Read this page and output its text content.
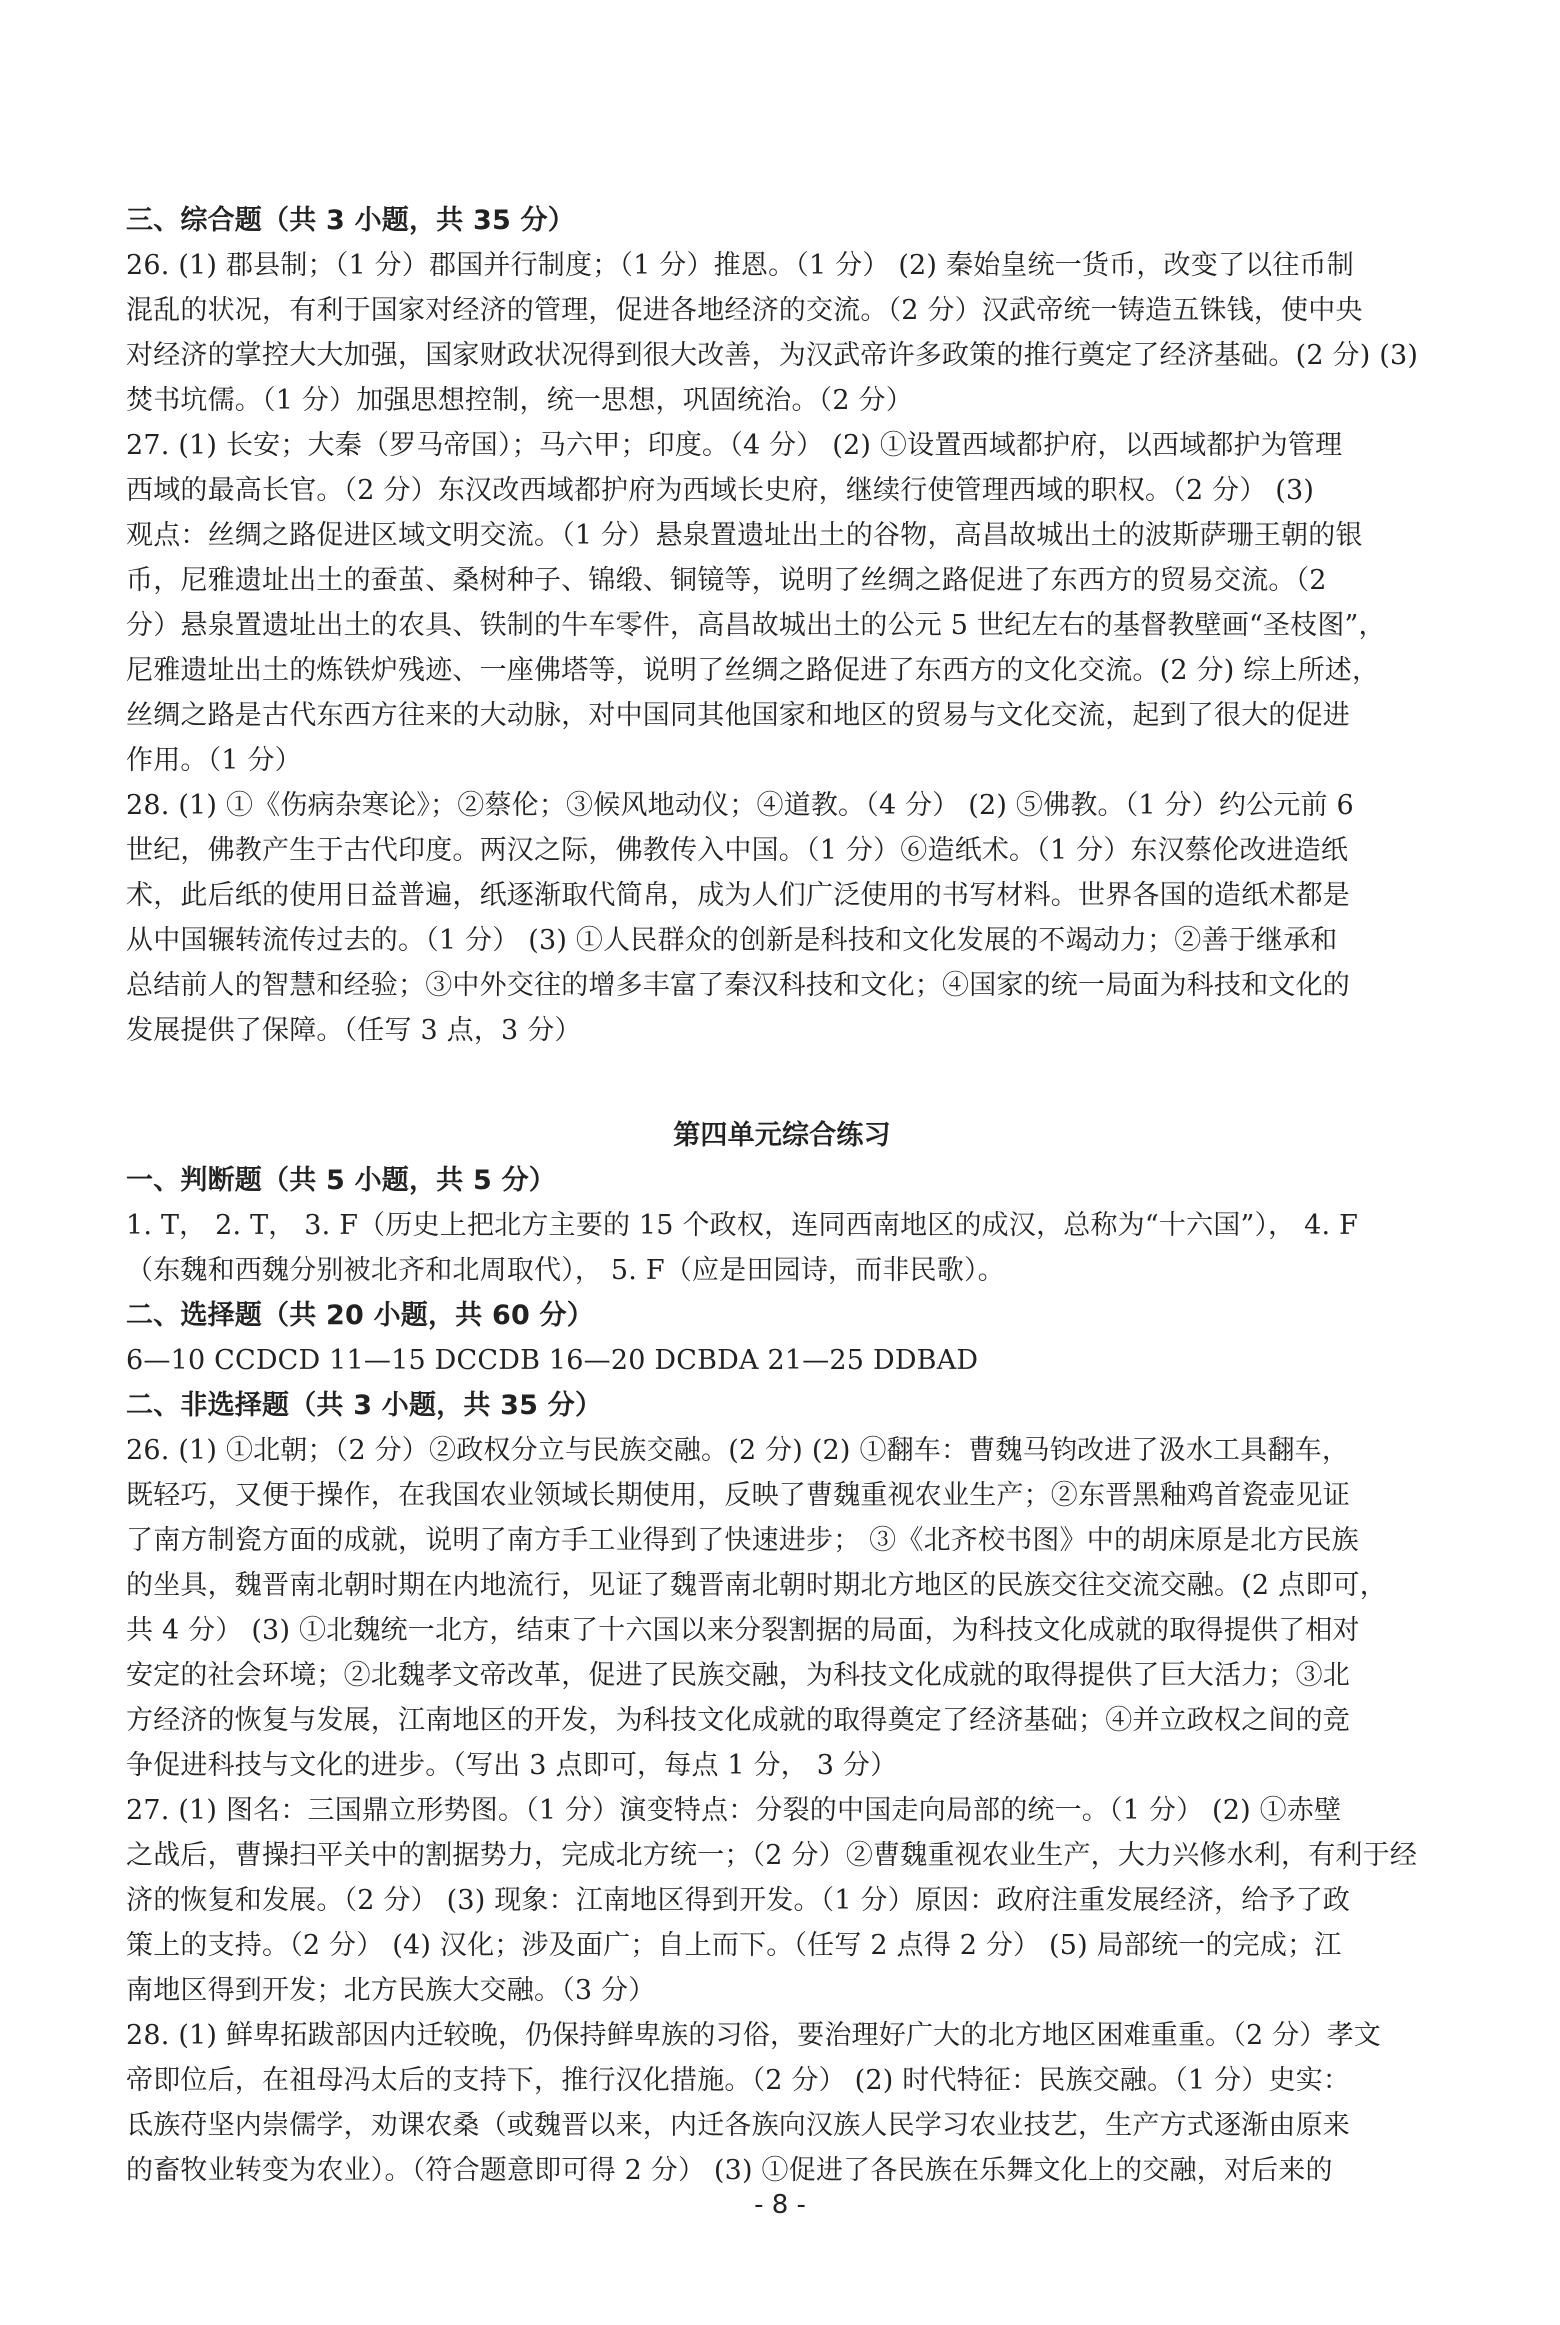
三、综合题（共 3 小题，共 35 分）
26. (1) 郡县制；（1 分）郡国并行制度；（1 分）推恩。（1 分） (2) 秦始皇统一货币，改变了以往币制
混乱的状况，有利于国家对经济的管理，促进各地经济的交流。（2 分）汉武帝统一铸造五铢钱，使中央
对经济的掌控大大加强，国家财政状况得到很大改善，为汉武帝许多政策的推行奠定了经济基础。(2 分) (3)
焚书坑儒。（1 分）加强思想控制，统一思想，巩固统治。（2 分）
27. (1) 长安；大秦（罗马帝国）；马六甲；印度。（4 分） (2) ①设置西域都护府，以西域都护为管理
西域的最高长官。（2 分）东汉改西域都护府为西域长史府，继续行使管理西域的职权。（2 分） (3)
观点：丝绸之路促进区域文明交流。（1 分）悬泉置遗址出土的谷物，高昌故城出土的波斯萨珊王朝的银
币，尼雅遗址出土的蚕茧、桑树种子、锦缎、铜镜等，说明了丝绸之路促进了东西方的贸易交流。（2
分）悬泉置遗址出土的农具、铁制的牛车零件，高昌故城出土的公元 5 世纪左右的基督教壁画“圣枝图”，
尼雅遗址出土的炼铁炉残迹、一座佛塔等，说明了丝绸之路促进了东西方的文化交流。(2 分) 综上所述，
丝绸之路是古代东西方往来的大动脉，对中国同其他国家和地区的贸易与文化交流，起到了很大的促进
作用。（1 分）
28. (1) ①《伤病杂寒论》；②蔡伦；③候风地动仪；④道教。（4 分） (2) ⑤佛教。（1 分）约公元前 6
世纪，佛教产生于古代印度。两汉之际，佛教传入中国。（1 分）⑥造纸术。（1 分）东汉蔡伦改进造纸
术，此后纸的使用日益普遍，纸逐渐取代简帛，成为人们广泛使用的书写材料。世界各国的造纸术都是
从中国辗转流传过去的。（1 分） (3) ①人民群众的创新是科技和文化发展的不竭动力；②善于继承和
总结前人的智慧和经验；③中外交往的增多丰富了秦汉科技和文化；④国家的统一局面为科技和文化的
发展提供了保障。（任写 3 点，3 分）
第四单元综合练习
一、判断题（共 5 小题，共 5 分）
1. T， 2. T， 3. F（历史上把北方主要的 15 个政权，连同西南地区的成汉，总称为“十六国”）， 4. F
（东魏和西魏分别被北齐和北周取代）， 5. F（应是田园诗，而非民歌）。
二、选择题（共 20 小题，共 60 分）
6—10 CCDCD 11—15 DCCDB 16—20 DCBDA 21—25 DDBAD
二、非选择题（共 3 小题，共 35 分）
26. (1) ①北朝；（2 分）②政权分立与民族交融。(2 分) (2) ①翻车：曹魏马钧改进了汲水工具翻车，
既轻巧，又便于操作，在我国农业领域长期使用，反映了曹魏重视农业生产；②东晋黑釉鸡首瓷壶见证
了南方制瓷方面的成就，说明了南方手工业得到了快速进步； ③《北齐校书图》中的胡床原是北方民族
的坐具，魏晋南北朝时期在内地流行，见证了魏晋南北朝时期北方地区的民族交往交流交融。(2 点即可，
共 4 分） (3) ①北魏统一北方，结束了十六国以来分裂割据的局面，为科技文化成就的取得提供了相对
安定的社会环境；②北魏孝文帝改革，促进了民族交融，为科技文化成就的取得提供了巨大活力；③北
方经济的恢复与发展，江南地区的开发，为科技文化成就的取得奠定了经济基础；④并立政权之间的竞
争促进科技与文化的进步。（写出 3 点即可，每点 1 分， 3 分）
27. (1) 图名：三国鼎立形势图。（1 分）演变特点：分裂的中国走向局部的统一。（1 分） (2) ①赤壁
之战后，曹操扫平关中的割据势力，完成北方统一；（2 分）②曹魏重视农业生产，大力兴修水利，有利于经
济的恢复和发展。（2 分） (3) 现象：江南地区得到开发。（1 分）原因：政府注重发展经济，给予了政
策上的支持。（2 分） (4) 汉化；涉及面广；自上而下。（任写 2 点得 2 分） (5) 局部统一的完成；江
南地区得到开发；北方民族大交融。（3 分）
28. (1) 鲜卑拓跋部因内迁较晚，仍保持鲜卑族的习俗，要治理好广大的北方地区困难重重。（2 分）孝文
帝即位后，在祖母冯太后的支持下，推行汉化措施。（2 分） (2) 时代特征：民族交融。（1 分）史实：
氐族苻坚内崇儒学，劝课农桑（或魏晋以来，内迁各族向汉族人民学习农业技艺，生产方式逐渐由原来
的畜牧业转变为农业）。（符合题意即可得 2 分） (3) ①促进了各民族在乐舞文化上的交融，对后来的
- 8 -
